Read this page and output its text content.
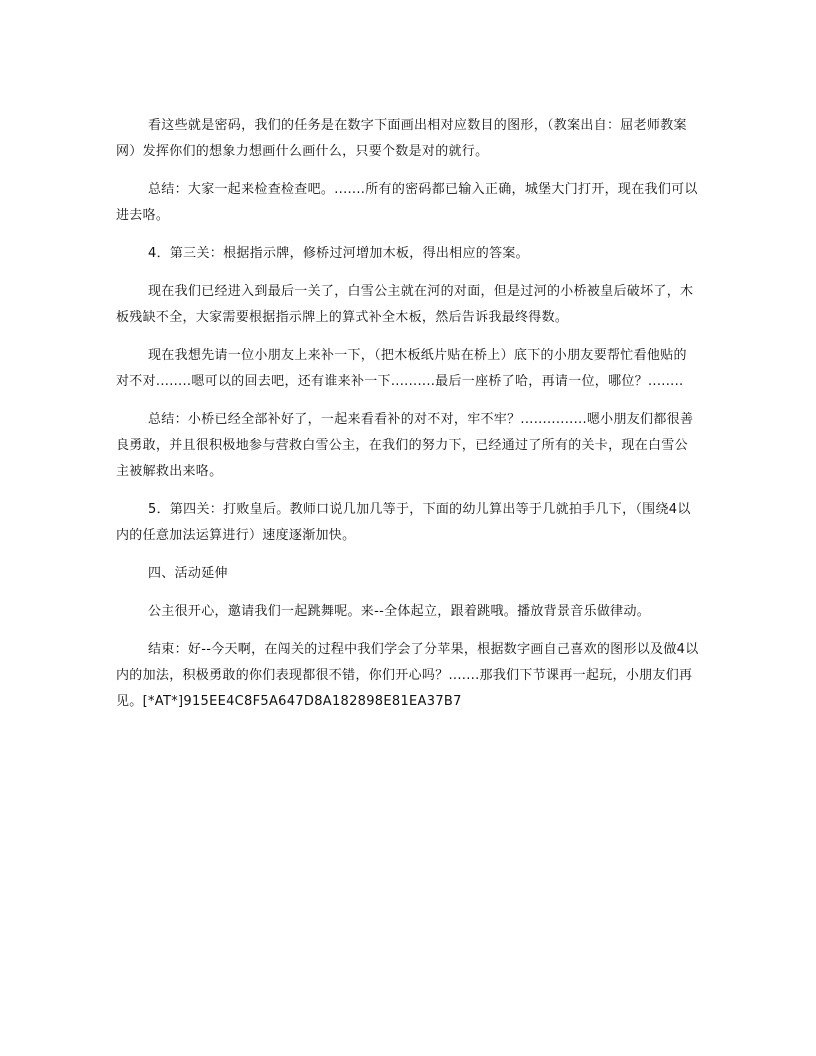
看这些就是密码，我们的任务是在数字下面画出相对应数目的图形，（教案出自：屈老师教案网）发挥你们的想象力想画什么画什么，只要个数是对的就行。

总结：大家一起来检查检查吧。.......所有的密码都已输入正确，城堡大门打开，现在我们可以进去咯。

4．第三关：根据指示牌，修桥过河增加木板，得出相应的答案。

现在我们已经进入到最后一关了，白雪公主就在河的对面，但是过河的小桥被皇后破坏了，木板残缺不全，大家需要根据指示牌上的算式补全木板，然后告诉我最终得数。

现在我想先请一位小朋友上来补一下，（把木板纸片贴在桥上）底下的小朋友要帮忙看他贴的对不对........嗯可以的回去吧，还有谁来补一下..........最后一座桥了哈，再请一位，哪位？........

总结：小桥已经全部补好了，一起来看看补的对不对，牢不牢？...............嗯小朋友们都很善良勇敢，并且很积极地参与营救白雪公主，在我们的努力下，已经通过了所有的关卡，现在白雪公主被解救出来咯。

5．第四关：打败皇后。教师口说几加几等于，下面的幼儿算出等于几就拍手几下，（围绕4以内的任意加法运算进行）速度逐渐加快。

四、活动延伸

公主很开心，邀请我们一起跳舞呢。来--全体起立，跟着跳哦。播放背景音乐做律动。

结束：好--今天啊，在闯关的过程中我们学会了分苹果，根据数字画自己喜欢的图形以及做4以内的加法，积极勇敢的你们表现都很不错，你们开心吗？.......那我们下节课再一起玩，小朋友们再见。[*AT*]915EE4C8F5A647D8A182898E81EA37B7
